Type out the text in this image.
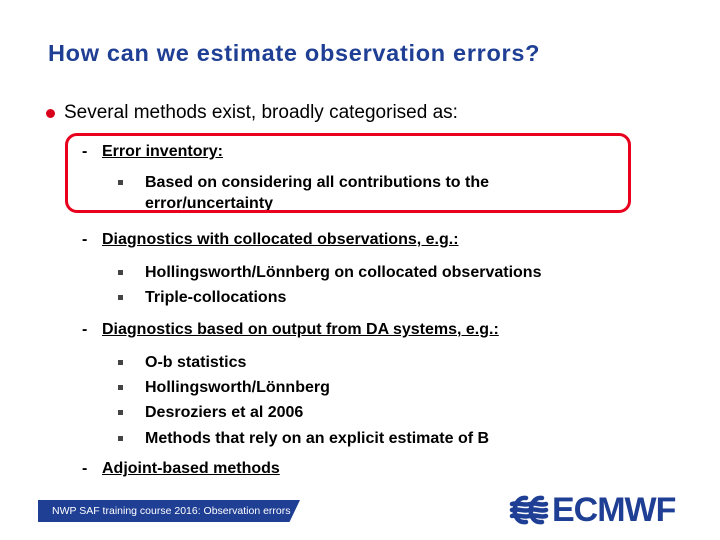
How can we estimate observation errors?
Several methods exist, broadly categorised as:
- Error inventory:
Based on considering all contributions to the
error/uncertainty
- Diagnostics with collocated observations, e.g.:
Hollingsworth/Lönnberg on collocated observations
Triple-collocations
- Diagnostics based on output from DA systems, e.g.:
O-b statistics
Hollingsworth/Lönnberg
Desroziers et al 2006
Methods that rely on an explicit estimate of B
- Adjoint-based methods
NWP SAF training course 2016: Observation errors	ECMWF
